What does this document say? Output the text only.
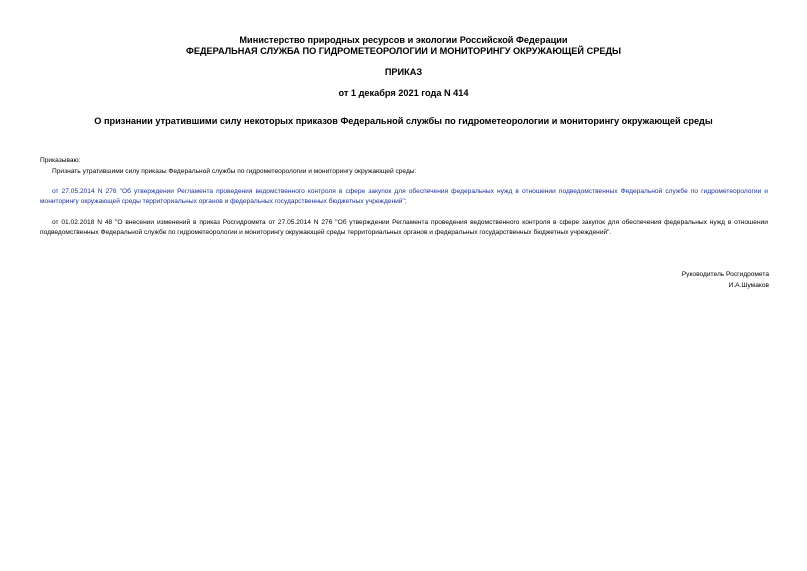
Министерство природных ресурсов и экологии Российской Федерации
ФЕДЕРАЛЬНАЯ СЛУЖБА ПО ГИДРОМЕТЕОРОЛОГИИ И МОНИТОРИНГУ ОКРУЖАЮЩЕЙ СРЕДЫ
ПРИКАЗ
от 1 декабря 2021 года N 414
О признании утратившими силу некоторых приказов Федеральной службы по гидрометеорологии и мониторингу окружающей среды
Приказываю:
Признать утратившими силу приказы Федеральной службы по гидрометеорологии и мониторингу окружающей среды:
от 27.05.2014 N 276 "Об утверждении Регламента проведения ведомственного контроля в сфере закупок для обеспечения федеральных нужд в отношении подведомственных Федеральной службе по гидрометеорологии и мониторингу окружающей среды территориальных органов и федеральных государственных бюджетных учреждений";
от 01.02.2018 N 48 "О внесении изменений в приказ Росгидромета от 27.05.2014 N 276 "Об утверждении Регламента проведения ведомственного контроля в сфере закупок для обеспечения федеральных нужд в отношении подведомственных Федеральной службе по гидрометеорологии и мониторингу окружающей среды территориальных органов и федеральных государственных бюджетных учреждений".
Руководитель Росгидромета
И.А.Шумаков
